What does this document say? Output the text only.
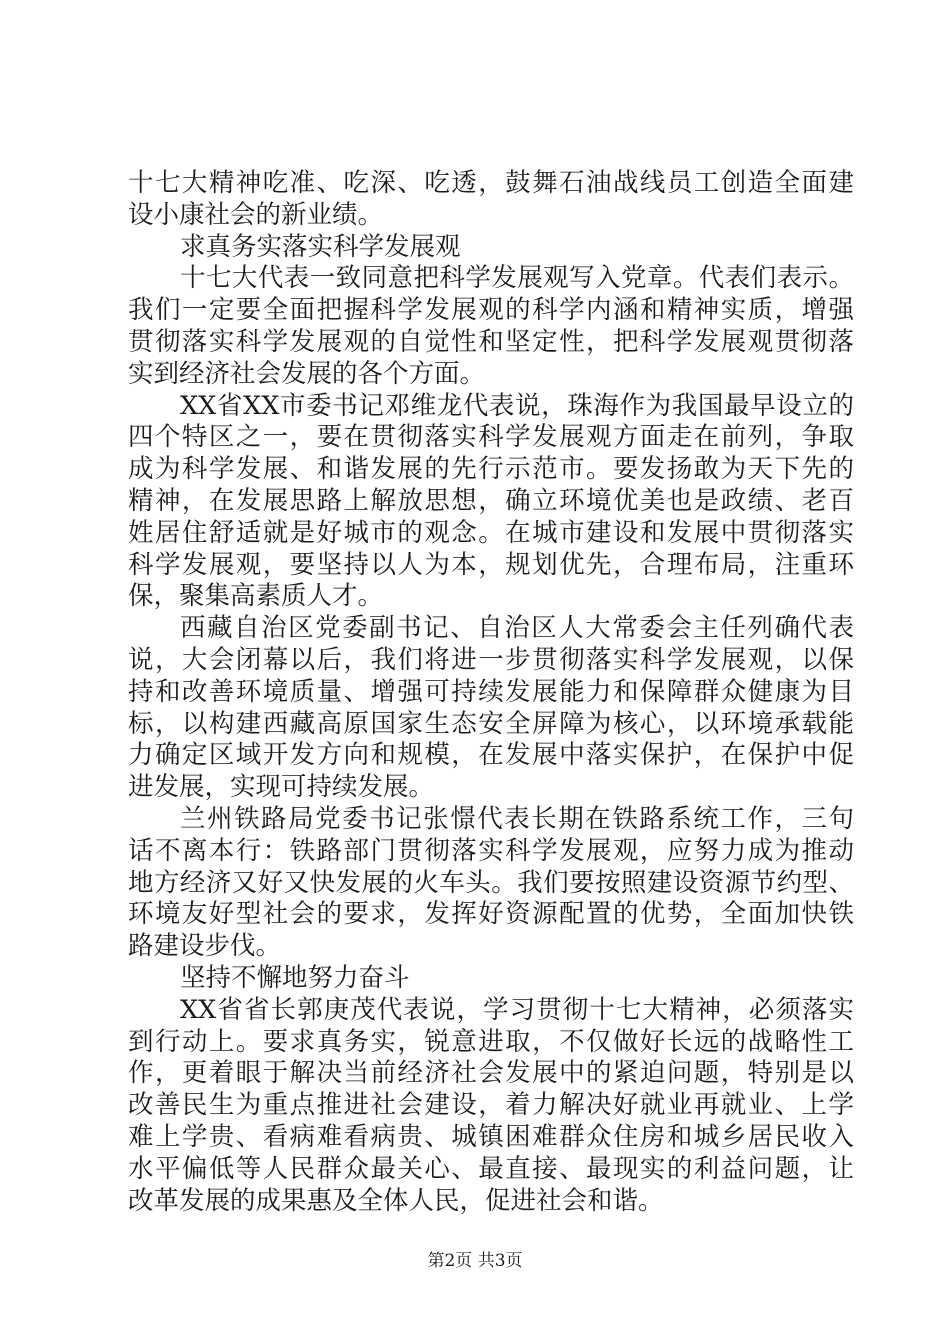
十七大精神吃准、吃深、吃透，鼓舞石油战线员工创造全面建
设小康社会的新业绩。
求真务实落实科学发展观
十七大代表一致同意把科学发展观写入党章。代表们表示。
我们一定要全面把握科学发展观的科学内涵和精神实质，增强
贯彻落实科学发展观的自觉性和坚定性，把科学发展观贯彻落
实到经济社会发展的各个方面。
XX省XX市委书记邓维龙代表说，珠海作为我国最早设立的
四个特区之一，要在贯彻落实科学发展观方面走在前列，争取
成为科学发展、和谐发展的先行示范市。要发扬敢为天下先的
精神，在发展思路上解放思想，确立环境优美也是政绩、老百
姓居住舒适就是好城市的观念。在城市建设和发展中贯彻落实
科学发展观，要坚持以人为本，规划优先，合理布局，注重环
保，聚集高素质人才。
西藏自治区党委副书记、自治区人大常委会主任列确代表
说，大会闭幕以后，我们将进一步贯彻落实科学发展观，以保
持和改善环境质量、增强可持续发展能力和保障群众健康为目
标，以构建西藏高原国家生态安全屏障为核心，以环境承载能
力确定区域开发方向和规模，在发展中落实保护，在保护中促
进发展，实现可持续发展。
兰州铁路局党委书记张憬代表长期在铁路系统工作，三句
话不离本行：铁路部门贯彻落实科学发展观，应努力成为推动
地方经济又好又快发展的火车头。我们要按照建设资源节约型、
环境友好型社会的要求，发挥好资源配置的优势，全面加快铁
路建设步伐。
坚持不懈地努力奋斗
XX省省长郭庚茂代表说，学习贯彻十七大精神，必须落实
到行动上。要求真务实，锐意进取，不仅做好长远的战略性工
作，更着眼于解决当前经济社会发展中的紧迫问题，特别是以
改善民生为重点推进社会建设，着力解决好就业再就业、上学
难上学贵、看病难看病贵、城镇困难群众住房和城乡居民收入
水平偏低等人民群众最关心、最直接、最现实的利益问题，让
改革发展的成果惠及全体人民，促进社会和谐。
第2页 共3页
